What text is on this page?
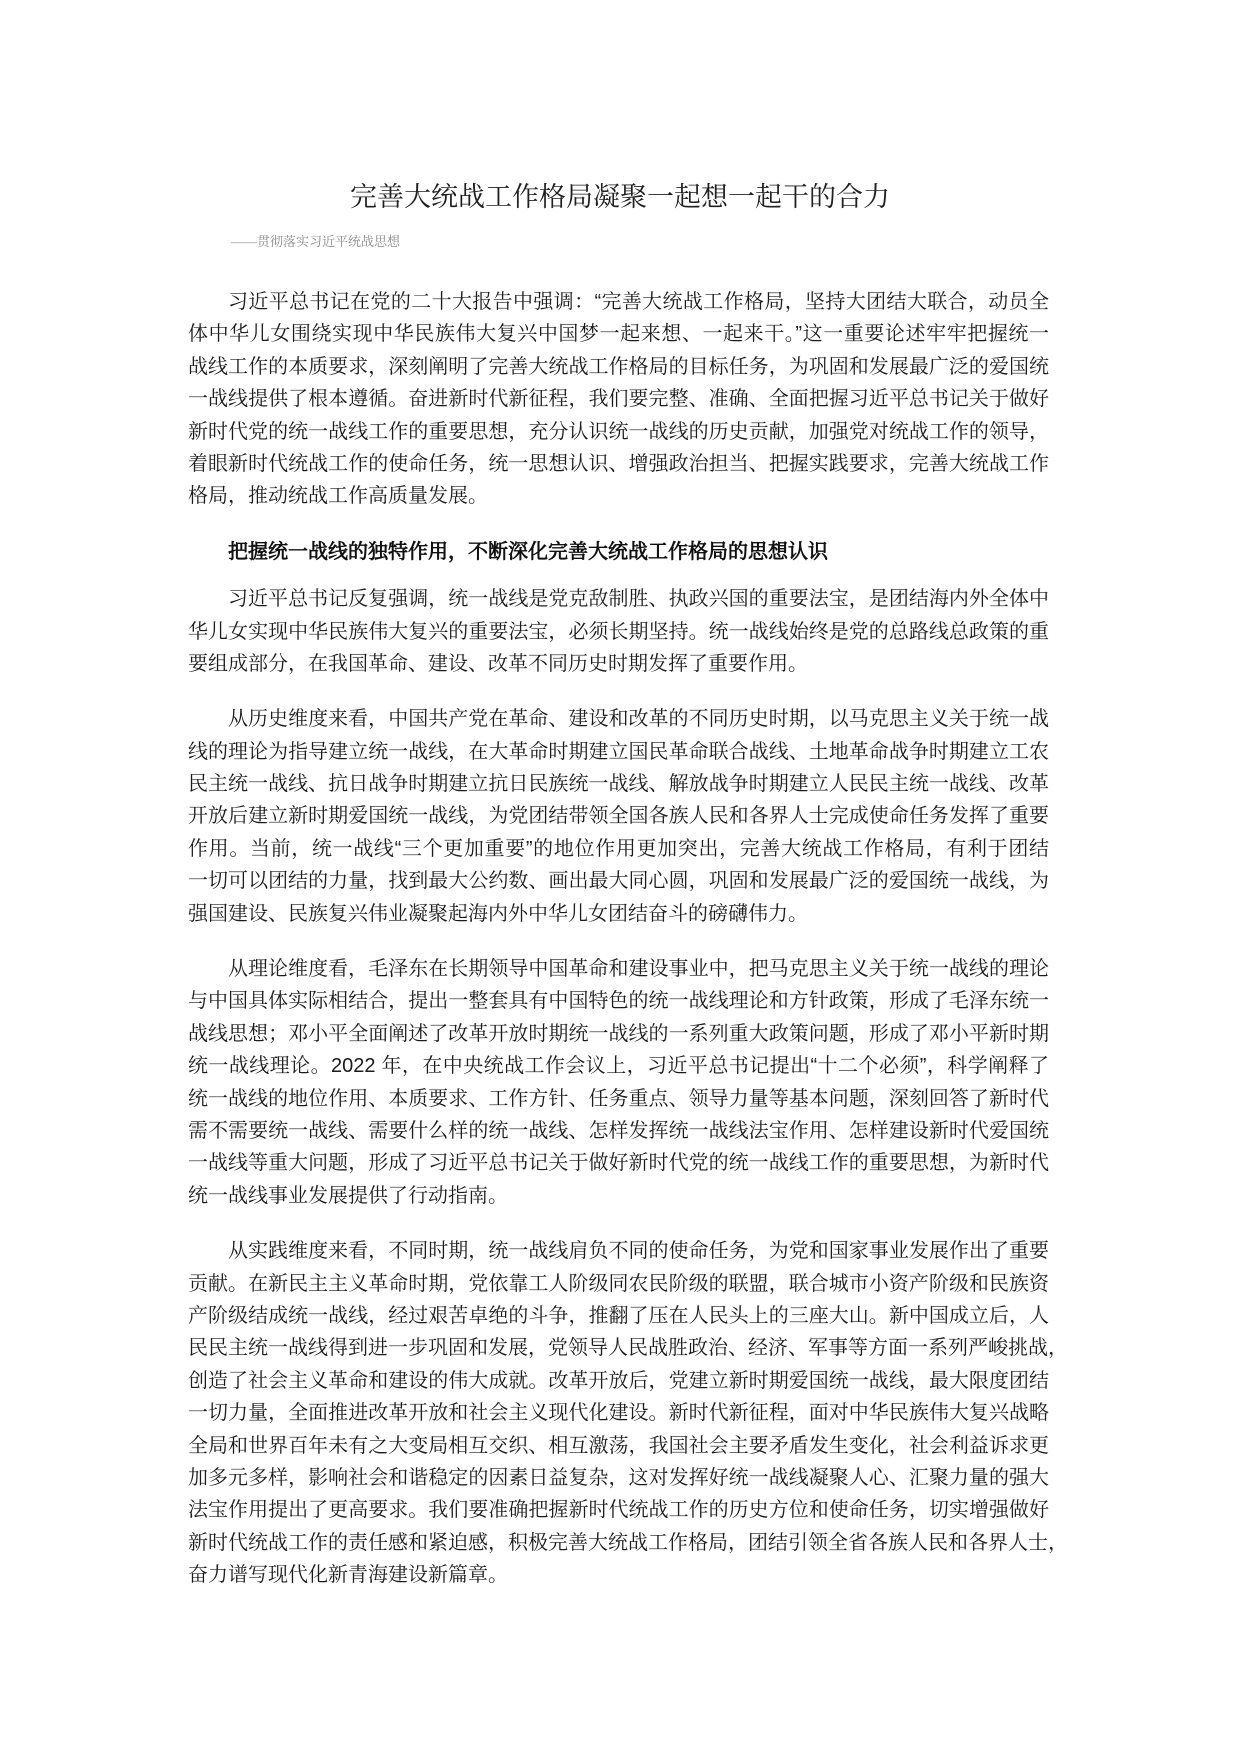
完善大统战工作格局凝聚一起想一起干的合力
——贯彻落实习近平统战思想
习近平总书记在党的二十大报告中强调：“完善大统战工作格局，坚持大团结大联合，动员全
体中华儿女围绕实现中华民族伟大复兴中国梦一起来想、一起来干。”这一重要论述牢牢把握统一
战线工作的本质要求，深刻阐明了完善大统战工作格局的目标任务，为巩固和发展最广泛的爱国统
一战线提供了根本遵循。奋进新时代新征程，我们要完整、准确、全面把握习近平总书记关于做好
新时代党的统一战线工作的重要思想，充分认识统一战线的历史贡献，加强党对统战工作的领导，
着眼新时代统战工作的使命任务，统一思想认识、增强政治担当、把握实践要求，完善大统战工作
格局，推动统战工作高质量发展。
把握统一战线的独特作用，不断深化完善大统战工作格局的思想认识
习近平总书记反复强调，统一战线是党克敌制胜、执政兴国的重要法宝，是团结海内外全体中
华儿女实现中华民族伟大复兴的重要法宝，必须长期坚持。统一战线始终是党的总路线总政策的重
要组成部分，在我国革命、建设、改革不同历史时期发挥了重要作用。
从历史维度来看，中国共产党在革命、建设和改革的不同历史时期，以马克思主义关于统一战
线的理论为指导建立统一战线，在大革命时期建立国民革命联合战线、土地革命战争时期建立工农
民主统一战线、抗日战争时期建立抗日民族统一战线、解放战争时期建立人民民主统一战线、改革
开放后建立新时期爱国统一战线，为党团结带领全国各族人民和各界人士完成使命任务发挥了重要
作用。当前，统一战线“三个更加重要”的地位作用更加突出，完善大统战工作格局，有利于团结
一切可以团结的力量，找到最大公约数、画出最大同心圆，巩固和发展最广泛的爱国统一战线，为
强国建设、民族复兴伟业凝聚起海内外中华儿女团结奋斗的磅礴伟力。
从理论维度看，毛泽东在长期领导中国革命和建设事业中，把马克思主义关于统一战线的理论
与中国具体实际相结合，提出一整套具有中国特色的统一战线理论和方针政策，形成了毛泽东统一
战线思想；邓小平全面阐述了改革开放时期统一战线的一系列重大政策问题，形成了邓小平新时期
统一战线理论。2022 年，在中央统战工作会议上，习近平总书记提出“十二个必须”，科学阐释了
统一战线的地位作用、本质要求、工作方针、任务重点、领导力量等基本问题，深刻回答了新时代
需不需要统一战线、需要什么样的统一战线、怎样发挥统一战线法宝作用、怎样建设新时代爱国统
一战线等重大问题，形成了习近平总书记关于做好新时代党的统一战线工作的重要思想，为新时代
统一战线事业发展提供了行动指南。
从实践维度来看，不同时期，统一战线肩负不同的使命任务，为党和国家事业发展作出了重要
贡献。在新民主主义革命时期，党依靠工人阶级同农民阶级的联盟，联合城市小资产阶级和民族资
产阶级结成统一战线，经过艰苦卓绝的斗争，推翻了压在人民头上的三座大山。新中国成立后，人
民民主统一战线得到进一步巩固和发展，党领导人民战胜政治、经济、军事等方面一系列严峻挑战，
创造了社会主义革命和建设的伟大成就。改革开放后，党建立新时期爱国统一战线，最大限度团结
一切力量，全面推进改革开放和社会主义现代化建设。新时代新征程，面对中华民族伟大复兴战略
全局和世界百年未有之大变局相互交织、相互激荡，我国社会主要矛盾发生变化，社会利益诉求更
加多元多样，影响社会和谐稳定的因素日益复杂，这对发挥好统一战线凝聚人心、汇聚力量的强大
法宝作用提出了更高要求。我们要准确把握新时代统战工作的历史方位和使命任务，切实增强做好
新时代统战工作的责任感和紧迫感，积极完善大统战工作格局，团结引领全省各族人民和各界人士，
奋力谱写现代化新青海建设新篇章。
